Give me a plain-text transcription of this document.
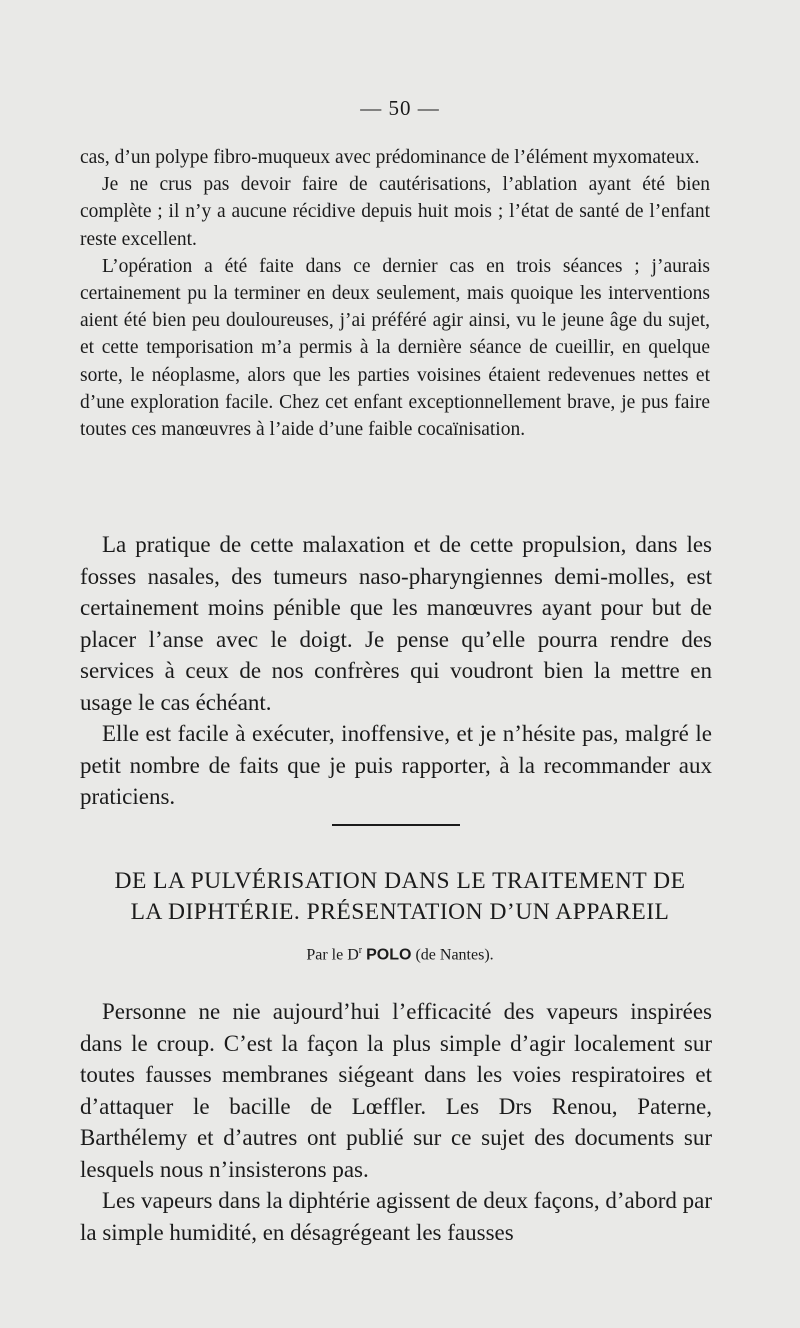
— 50 —

cas, d’un polype fibro-muqueux avec prédominance de l’élément myxomateux.

Je ne crus pas devoir faire de cautérisations, l’ablation ayant été bien complète ; il n’y a aucune récidive depuis huit mois ; l’état de santé de l’enfant reste excellent.

L’opération a été faite dans ce dernier cas en trois séances ; j’aurais certainement pu la terminer en deux seulement, mais quoique les interventions aient été bien peu douloureuses, j’ai préféré agir ainsi, vu le jeune âge du sujet, et cette temporisation m’a permis à la dernière séance de cueillir, en quelque sorte, le néoplasme, alors que les parties voisines étaient redevenues nettes et d’une exploration facile. Chez cet enfant exceptionnellement brave, je pus faire toutes ces manœuvres à l’aide d’une faible cocaïnisation.

La pratique de cette malaxation et de cette propulsion, dans les fosses nasales, des tumeurs naso-pharyngiennes demi-molles, est certainement moins pénible que les manœuvres ayant pour but de placer l’anse avec le doigt. Je pense qu’elle pourra rendre des services à ceux de nos confrères qui voudront bien la mettre en usage le cas échéant.

Elle est facile à exécuter, inoffensive, et je n’hésite pas, malgré le petit nombre de faits que je puis rapporter, à la recommander aux praticiens.

DE LA PULVÉRISATION DANS LE TRAITEMENT DE
LA DIPHTÉRIE. PRÉSENTATION D’UN APPAREIL
Par le $D^r$ POLO (de Nantes).

Personne ne nie aujourd’hui l’efficacité des vapeurs inspirées dans le croup. C’est la façon la plus simple d’agir localement sur toutes fausses membranes siégeant dans les voies respiratoires et d’attaquer le bacille de Lœffler. Les Drs Renou, Paterne, Barthélemy et d’autres ont publié sur ce sujet des documents sur lesquels nous n’insisterons pas.

Les vapeurs dans la diphtérie agissent de deux façons, d’abord par la simple humidité, en désagrégeant les fausses
